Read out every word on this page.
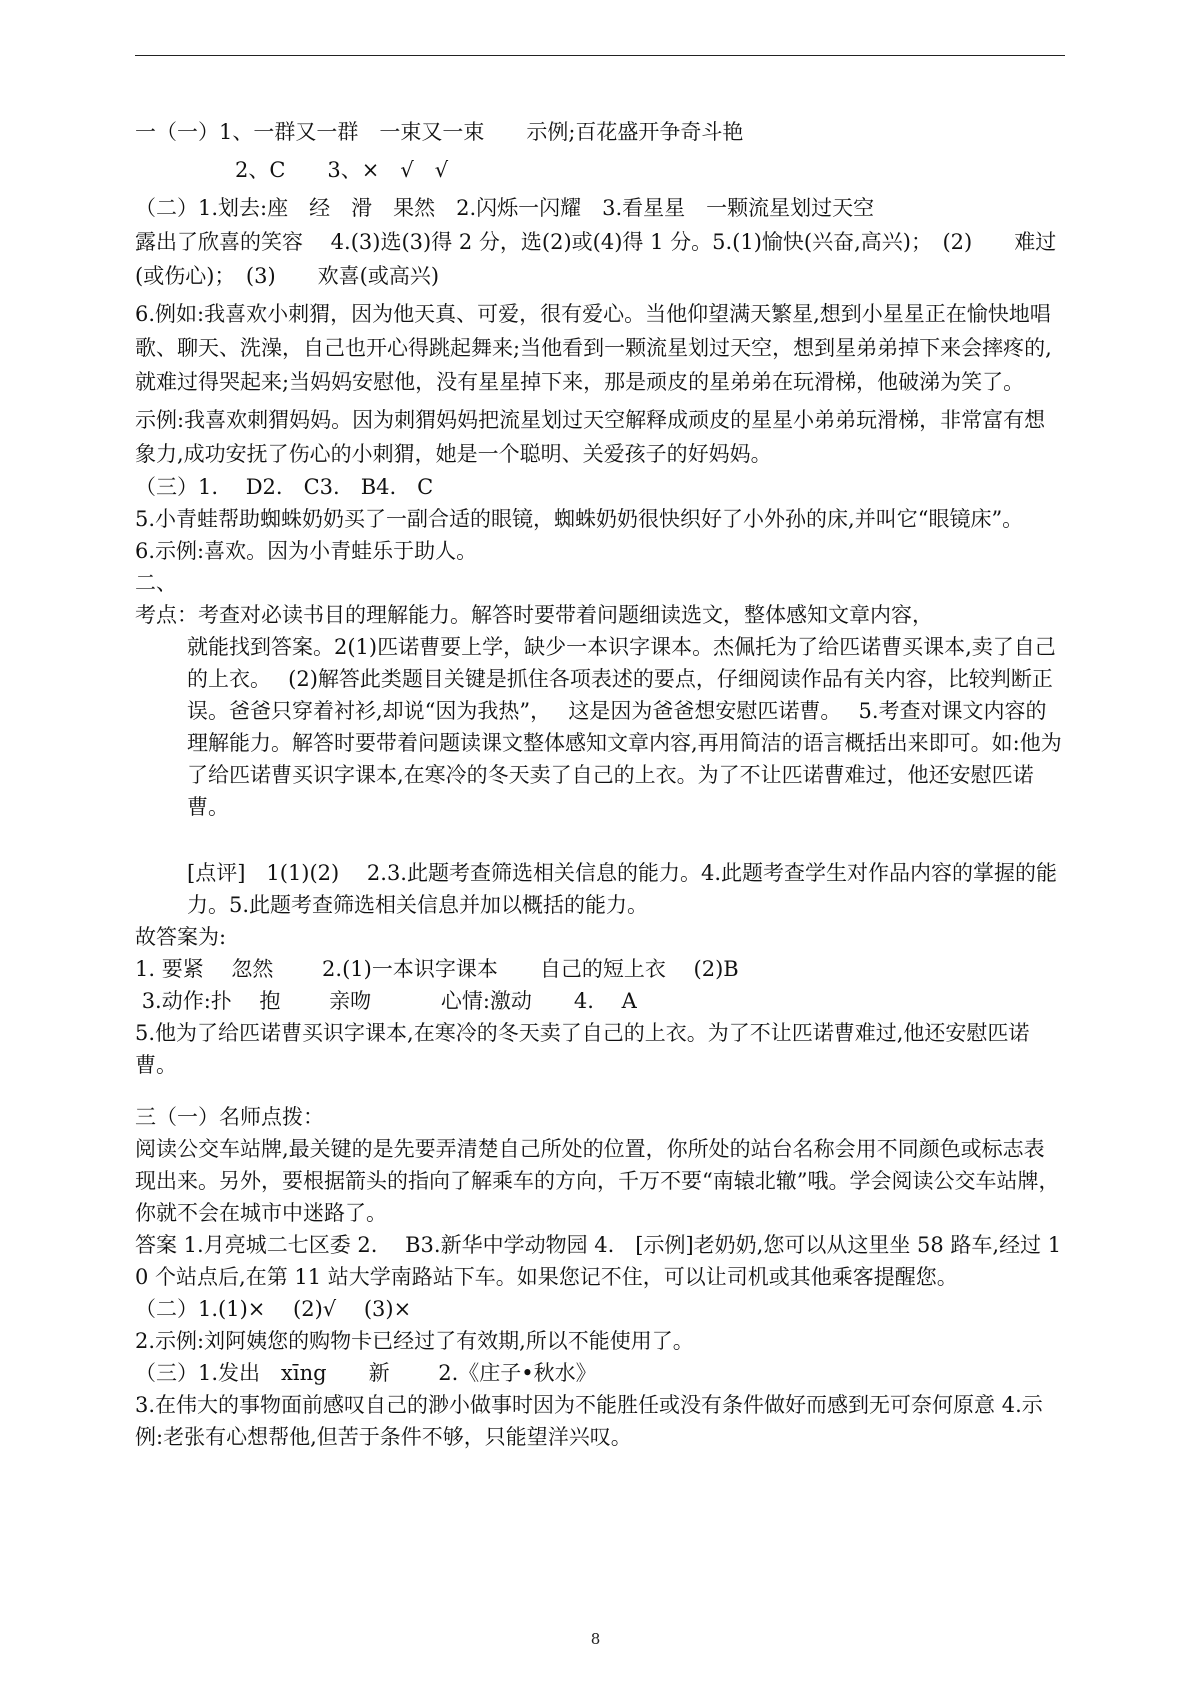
一（一）1、一群又一群　一束又一束　　示例;百花盛开争奇斗艳

2、C　　3、×　√　√

（二）1.划去:座　经　滑　果然　2.闪烁一闪耀　3.看星星　一颗流星划过天空

露出了欣喜的笑容　 4.(3)选(3)得 2 分，选(2)或(4)得 1 分。5.(1)愉快(兴奋,高兴)；　(2)　　难过(或伤心)；　(3)　　欢喜(或高兴)

6.例如:我喜欢小刺猬，因为他天真、可爱，很有爱心。当他仰望满天繁星,想到小星星正在愉快地唱歌、聊天、洗澡，自己也开心得跳起舞来;当他看到一颗流星划过天空，想到星弟弟掉下来会摔疼的,就难过得哭起来;当妈妈安慰他，没有星星掉下来，那是顽皮的星弟弟在玩滑梯，他破涕为笑了。

示例:我喜欢刺猬妈妈。因为刺猬妈妈把流星划过天空解释成顽皮的星星小弟弟玩滑梯，非常富有想象力,成功安抚了伤心的小刺猬，她是一个聪明、关爱孩子的好妈妈。

（三）1.　 D2.　C3.　B4.　C

5.小青蛙帮助蜘蛛奶奶买了一副合适的眼镜，蜘蛛奶奶很快织好了小外孙的床,并叫它“眼镜床”。

6.示例:喜欢。因为小青蛙乐于助人。

二、

考点：考查对必读书目的理解能力。解答时要带着问题细读选文，整体感知文章内容，

就能找到答案。2(1)匹诺曹要上学，缺少一本识字课本。杰佩托为了给匹诺曹买课本,卖了自己的上衣。　 (2)解答此类题目关键是抓住各项表述的要点，仔细阅读作品有关内容，比较判断正误。爸爸只穿着衬衫,却说“因为我热”，　 这是因为爸爸想安慰匹诺曹。　 5.考查对课文内容的理解能力。解答时要带着问题读课文整体感知文章内容,再用简洁的语言概括出来即可。如:他为了给匹诺曹买识字课本,在寒冷的冬天卖了自己的上衣。为了不让匹诺曹难过，他还安慰匹诺曹。

[点评]　1(1)(2)　 2.3.此题考查筛选相关信息的能力。4.此题考查学生对作品内容的掌握的能力。5.此题考查筛选相关信息并加以概括的能力。

故答案为:

1. 要紧　 忽然　　 2.(1)一本识字课本　　自己的短上衣　 (2)B

3.动作:扑　 抱　　 亲吻　　　 心情:激动　　4.　 A

5.他为了给匹诺曹买识字课本,在寒冷的冬天卖了自己的上衣。为了不让匹诺曹难过,他还安慰匹诺曹。

三（一）名师点拨：

阅读公交车站牌,最关键的是先要弄清楚自己所处的位置，你所处的站台名称会用不同颜色或标志表现出来。另外，要根据箭头的指向了解乘车的方向，千万不要“南辕北辙”哦。学会阅读公交车站牌，你就不会在城市中迷路了。

答案 1.月亮城二七区委 2.　 B3.新华中学动物园 4.　[示例]老奶奶,您可以从这里坐 58 路车,经过 10 个站点后,在第 11 站大学南路站下车。如果您记不住，可以让司机或其他乘客提醒您。

（二）1.(1)×　 (2)√　 (3)×

2.示例:刘阿姨您的购物卡已经过了有效期,所以不能使用了。

（三）1.发出　xīng　　新　　 2.《庄子•秋水》

3.在伟大的事物面前感叹自己的渺小做事时因为不能胜任或没有条件做好而感到无可奈何原意 4.示例:老张有心想帮他,但苦于条件不够，只能望洋兴叹。

8
